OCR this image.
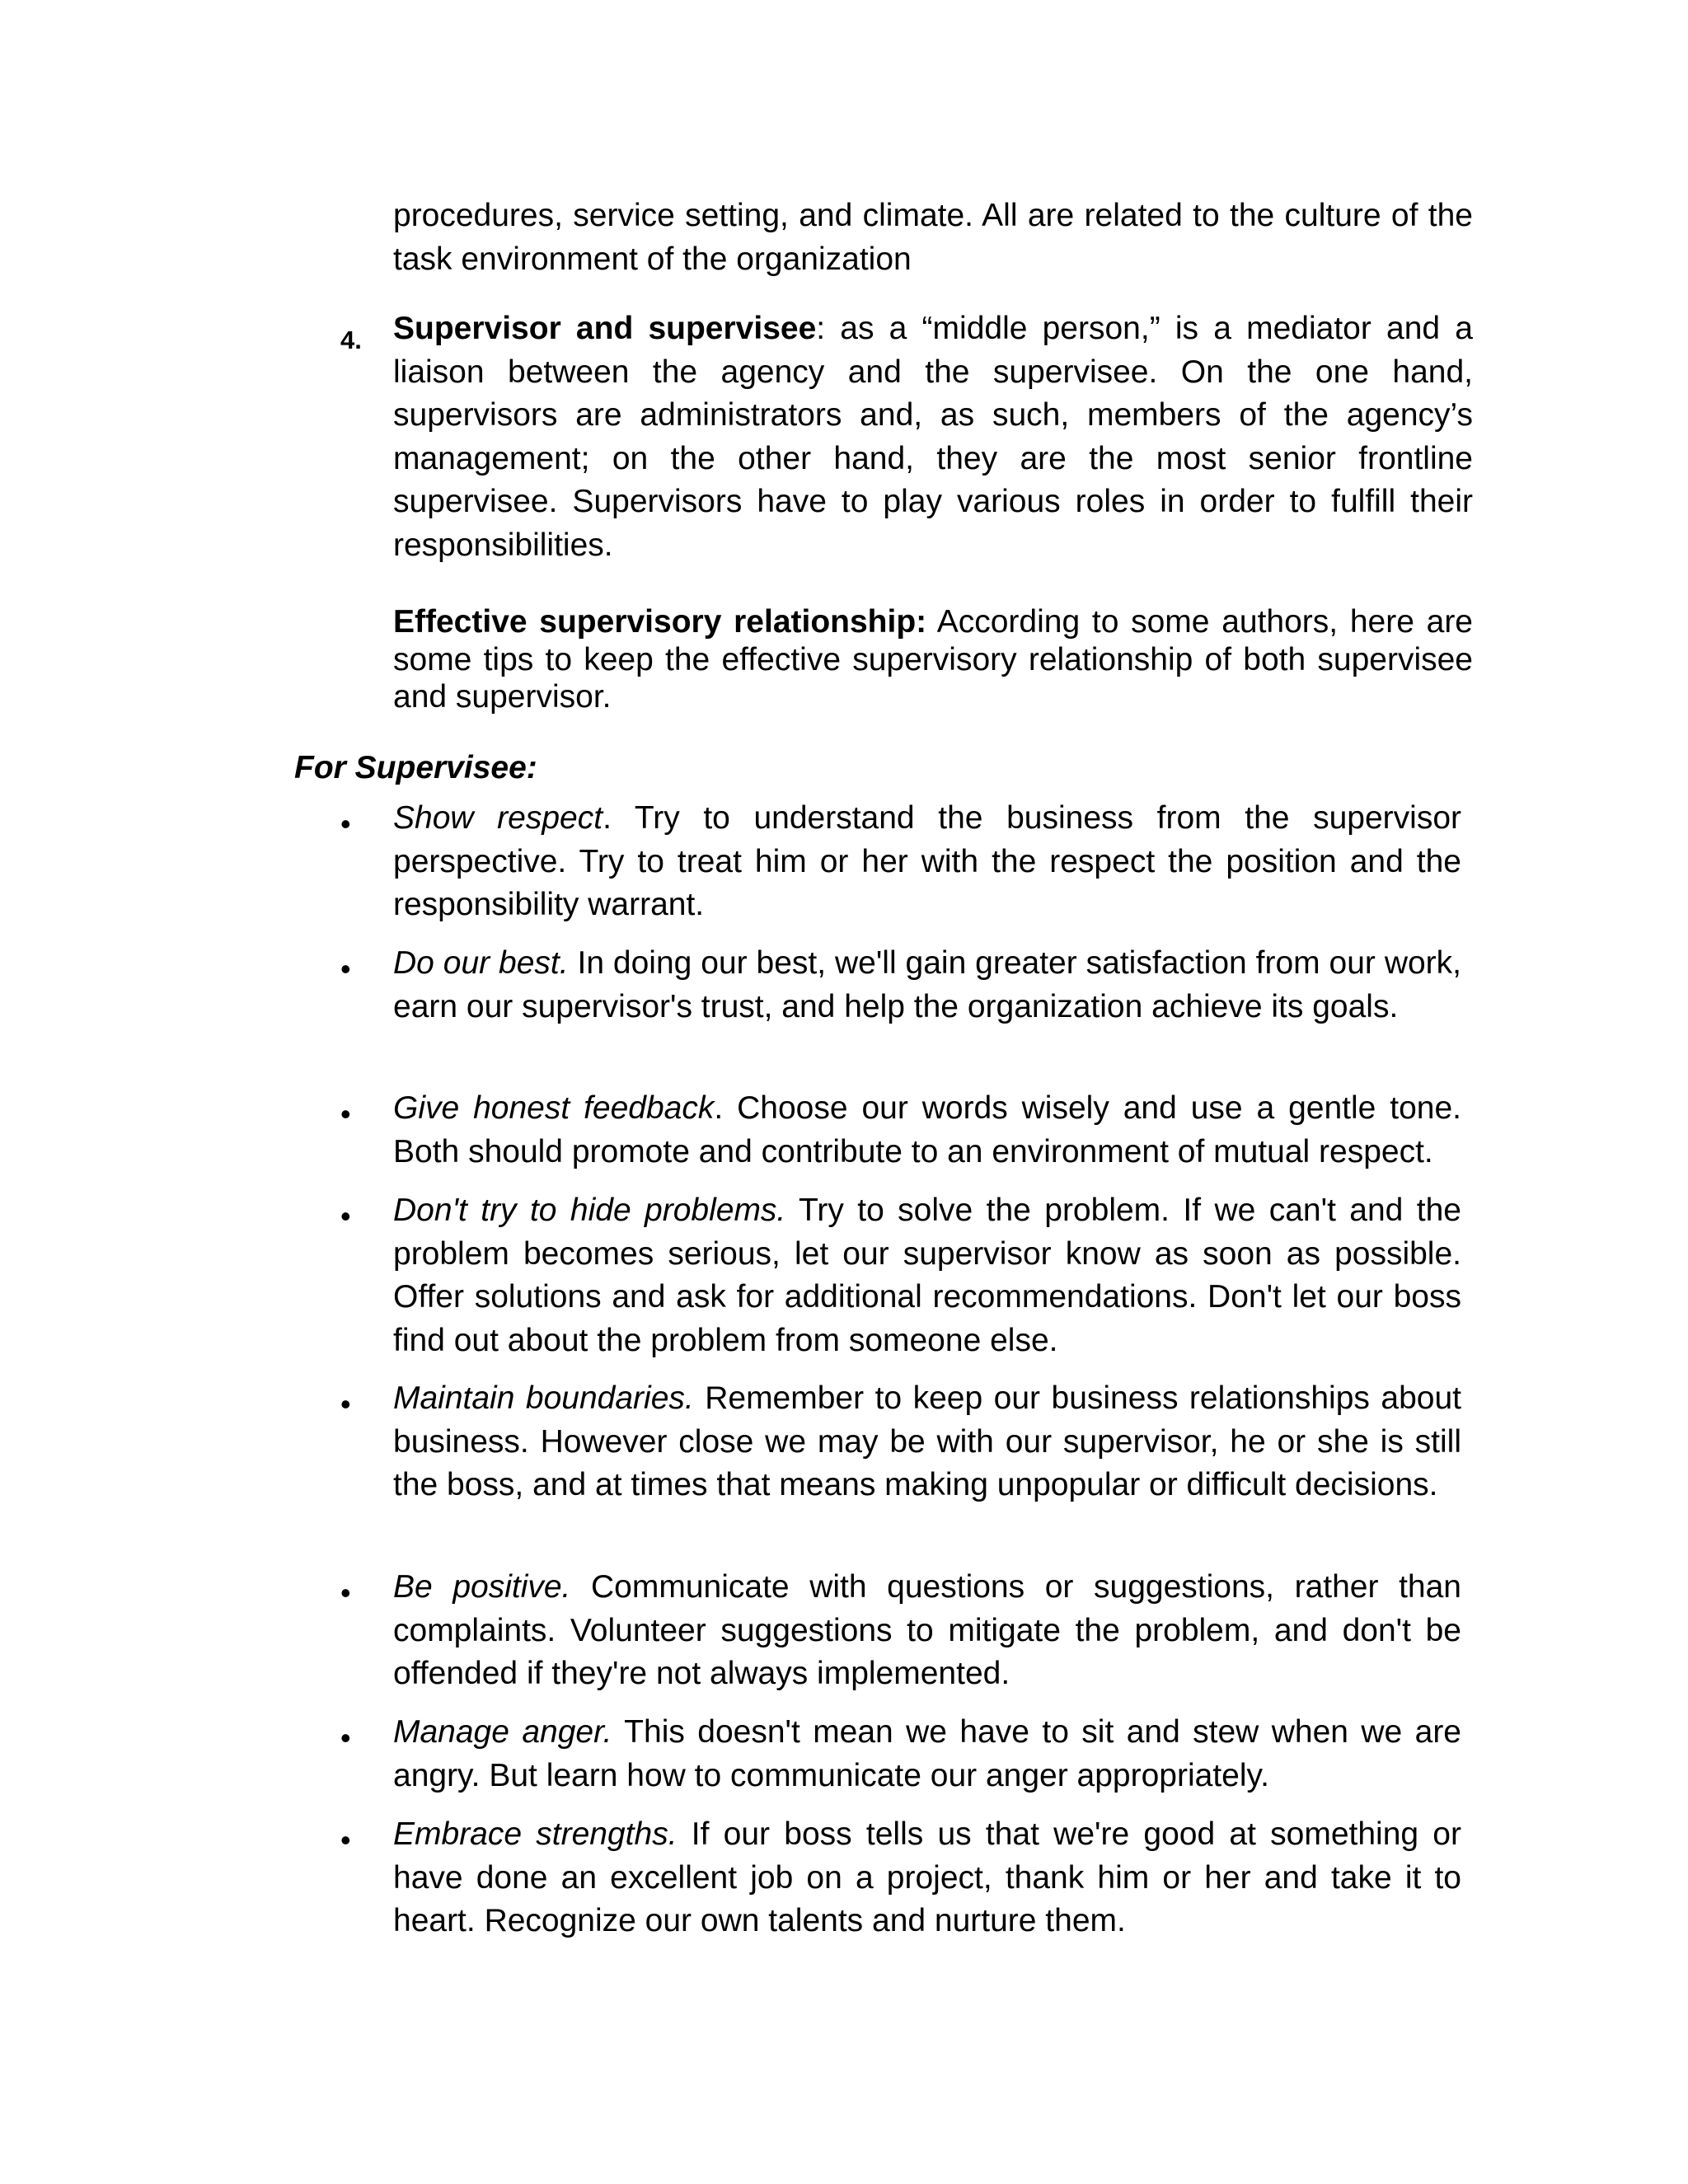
procedures, service setting, and climate. All are related to the culture of the task environment of the organization
4. Supervisor and supervisee: as a “middle person,” is a mediator and a liaison between the agency and the supervisee. On the one hand, supervisors are administrators and, as such, members of the agency’s management; on the other hand, they are the most senior frontline supervisee. Supervisors have to play various roles in order to fulfill their responsibilities.
Effective supervisory relationship: According to some authors, here are some tips to keep the effective supervisory relationship of both supervisee and supervisor.
For Supervisee:
• Show respect. Try to understand the business from the supervisor perspective. Try to treat him or her with the respect the position and the responsibility warrant.
• Do our best. In doing our best, we'll gain greater satisfaction from our work, earn our supervisor's trust, and help the organization achieve its goals.
• Give honest feedback. Choose our words wisely and use a gentle tone. Both should promote and contribute to an environment of mutual respect.
• Don't try to hide problems. Try to solve the problem. If we can't and the problem becomes serious, let our supervisor know as soon as possible. Offer solutions and ask for additional recommendations. Don't let our boss find out about the problem from someone else.
• Maintain boundaries. Remember to keep our business relationships about business. However close we may be with our supervisor, he or she is still the boss, and at times that means making unpopular or difficult decisions.
• Be positive. Communicate with questions or suggestions, rather than complaints. Volunteer suggestions to mitigate the problem, and don't be offended if they're not always implemented.
• Manage anger. This doesn't mean we have to sit and stew when we are angry. But learn how to communicate our anger appropriately.
• Embrace strengths. If our boss tells us that we're good at something or have done an excellent job on a project, thank him or her and take it to heart. Recognize our own talents and nurture them.
